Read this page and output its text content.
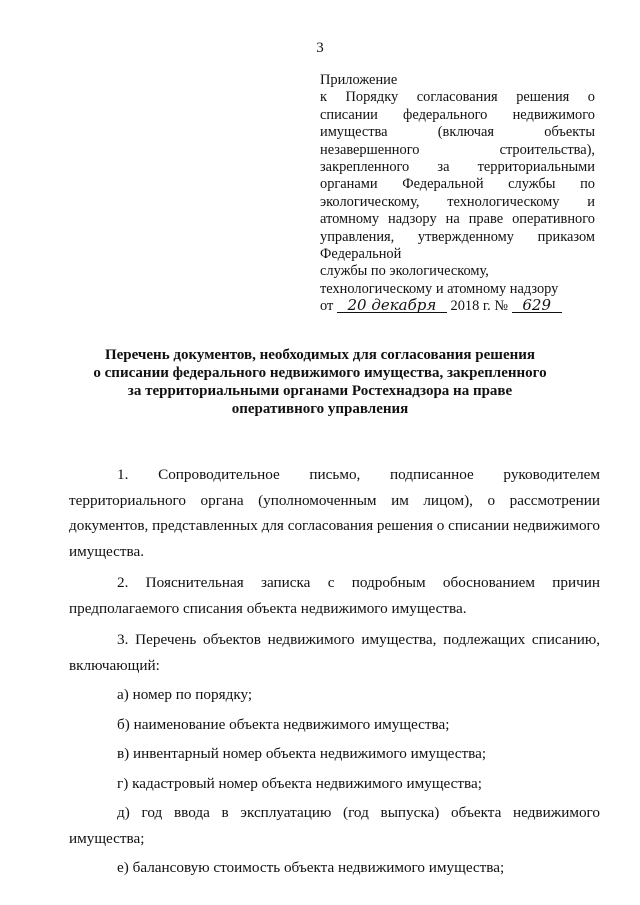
3
Приложение
к Порядку согласования решения о
списании федерального недвижимого
имущества (включая объекты
незавершенного строительства),
закрепленного за территориальными
органами Федеральной службы по
экологическому, технологическому и
атомному надзору на праве оперативного
управления, утвержденному приказом
Федеральной
службы по экологическому,
технологическому и атомному надзору
от 20 декабря 2018 г. № 629
Перечень документов, необходимых для согласования решения
о списании федерального недвижимого имущества, закрепленного
за территориальными органами Ростехнадзора на праве
оперативного управления

1. Сопроводительное письмо, подписанное руководителем территориального органа (уполномоченным им лицом), о рассмотрении документов, представленных для согласования решения о списании недвижимого имущества.

2. Пояснительная записка с подробным обоснованием причин предполагаемого списания объекта недвижимого имущества.

3. Перечень объектов недвижимого имущества, подлежащих списанию, включающий:

а) номер по порядку;

б) наименование объекта недвижимого имущества;

в) инвентарный номер объекта недвижимого имущества;

г) кадастровый номер объекта недвижимого имущества;

д) год ввода в эксплуатацию (год выпуска) объекта недвижимого имущества;

е) балансовую стоимость объекта недвижимого имущества;
